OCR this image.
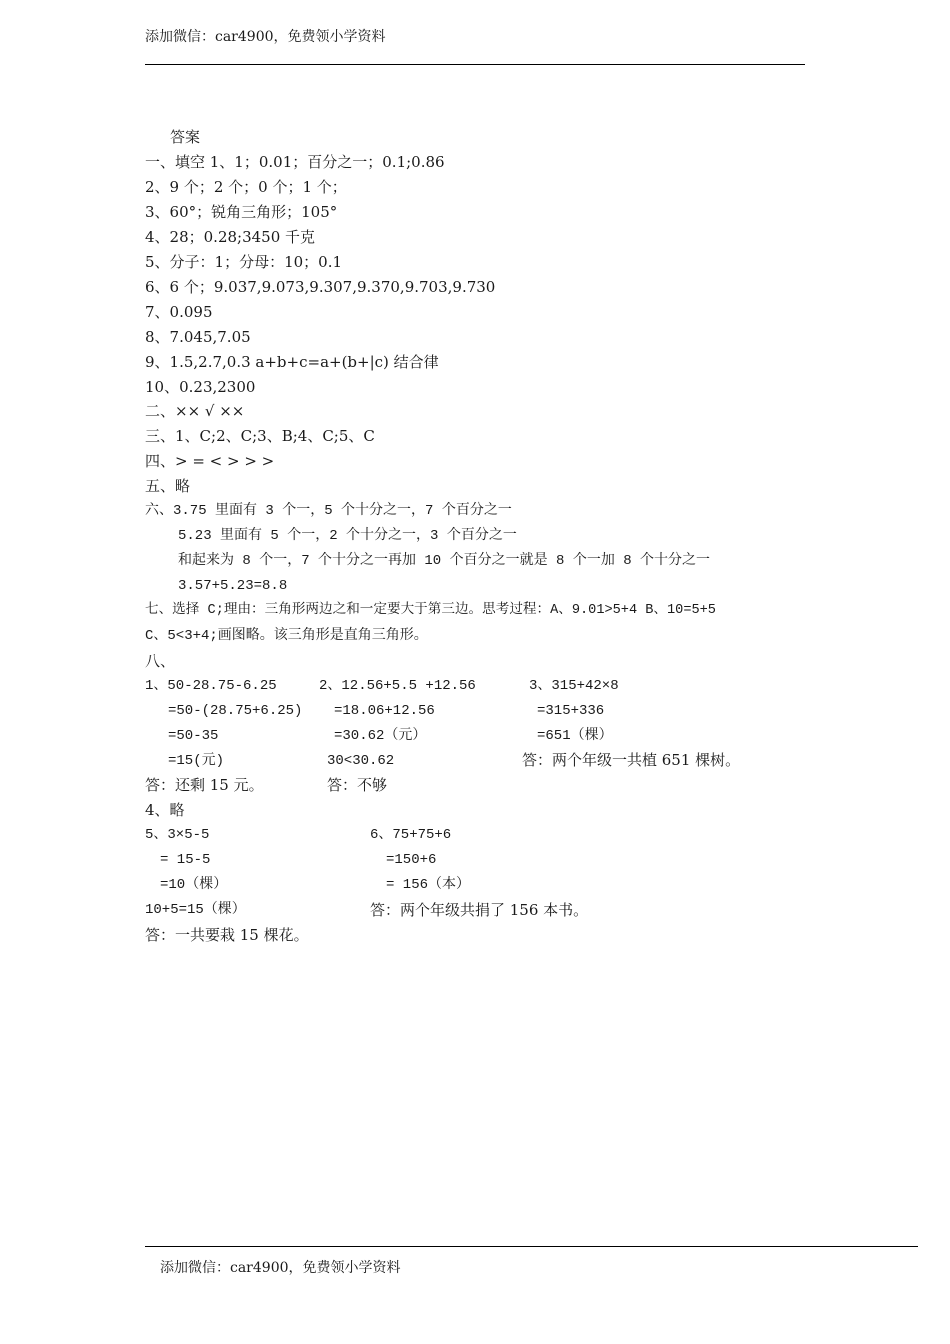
添加微信：car4900，免费领小学资料
答案
一、填空 1、1；0.01；百分之一；0.1;0.86
2、9 个；2 个；0 个；1 个；
3、60°；锐角三角形；105°
4、28；0.28;3450 千克
5、分子：1；分母：10；0.1
6、6 个；9.037,9.073,9.307,9.370,9.703,9.730
7、0.095
8、7.045,7.05
9、1.5,2.7,0.3 a+b+c=a+(b+|c) 结合律
10、0.23,2300
二、×× √ ××
三、1、C;2、C;3、B;4、C;5、C
四、> = < > > >
五、略
六、3.75 里面有 3 个一，5 个十分之一，7 个百分之一
5.23 里面有 5 个一，2 个十分之一，3 个百分之一
和起来为 8 个一，7 个十分之一再加 10 个百分之一就是 8 个一加 8 个十分之一
3.57+5.23=8.8
七、选择 C;理由：三角形两边之和一定要大于第三边。思考过程：A、9.01>5+4 B、10=5+5
C、5<3+4;画图略。该三角形是直角三角形。
八、
1、50-28.75-6.25
=50-(28.75+6.25)
=50-35
=15(元)
答：还剩 15 元。
2、12.56+5.5 +12.56
=18.06+12.56
=30.62（元）
30<30.62
答：不够
3、315+42×8
=315+336
=651（棵）
答：两个年级一共植 651 棵树。
4、略
5、3×5-5
= 15-5
=10（棵）
10+5=15（棵）
答：一共要栽 15 棵花。
6、75+75+6
=150+6
= 156（本）
答：两个年级共捐了 156 本书。
添加微信：car4900，免费领小学资料
